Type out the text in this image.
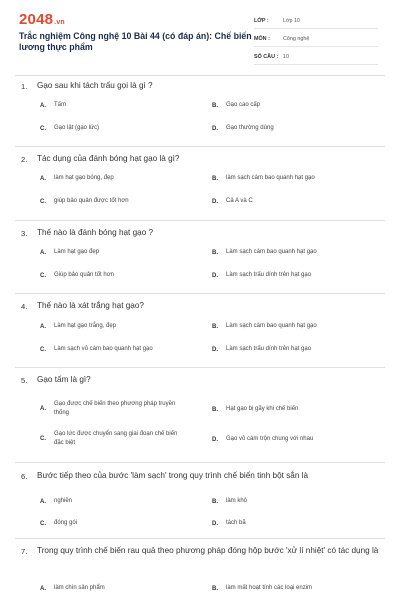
2048.vn
Trắc nghiệm Công nghệ 10 Bài 44 (có đáp án): Chế biến lương thực phẩm
LỚP :	Lớp 10
MÔN :	Công nghệ
SỐ CÂU : 10
1. Gạo sau khi tách trấu gọi là gì ?
A.	Tấm	B.	Gạo cao cấp
C.	Gạo lật (gạo lức)	D.	Gạo thường dùng
2. Tác dụng của đánh bóng hạt gạo là gì?
A.	làm hạt gạo bóng, đẹp	B.	làm sạch cám bao quanh hạt gạo
C.	giúp bảo quản được tốt hơn	D.	Cả A và C
3. Thế nào là đánh bóng hạt gạo ?
A.	Làm hạt gạo đẹp	B.	Làm sạch cám bao quanh hạt gạo
C.	Giúp bảo quản tốt hơn	D.	Làm sạch trấu dính trên hạt gạo
4. Thế nào là xát trắng hạt gạo?
A.	Làm hạt gạo trắng, đẹp	B.	Làm sạch cám bao quanh hạt gạo
C.	Làm sạch vỏ cám bao quanh hạt gạo	D.	Làm sạch trấu dính trên hạt gạo
5. Gạo tấm là gì?
A.
Gạo được chế biến theo phương pháp truyền thống
B.	Hạt gạo bị gãy khi chế biến
C.
Gạo lức được chuyển sang giai đoạn chế biến đặc biệt
D.	Gạo vỏ cám trộn chung với nhau
6. Bước tiếp theo của bước 'làm sạch' trong quy trình chế biến tinh bột sắn là
A.	nghiền	B.	làm khô
C.	đóng gói	D.	tách bã
7. Trong quy trình chế biến rau quả theo phương pháp đóng hộp bước 'xử lí nhiệt' có tác dụng là
A.	làm chín sản phẩm	B.	làm mất hoạt tính các loại enzim
